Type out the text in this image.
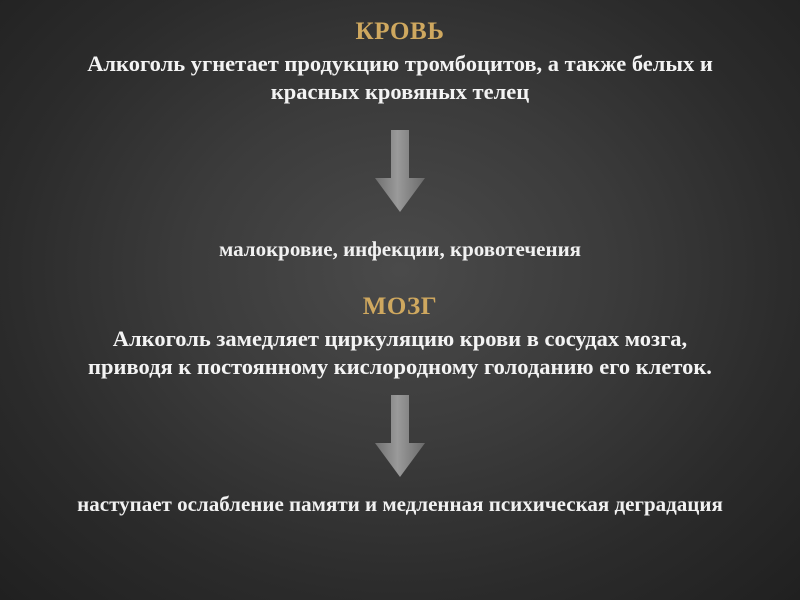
КРОВЬ
Алкоголь угнетает продукцию тромбоцитов, а также белых и красных кровяных телец
малокровие, инфекции, кровотечения
МОЗГ
Алкоголь замедляет циркуляцию крови в сосудах мозга, приводя к постоянному кислородному голоданию его клеток.
наступает ослабление памяти и медленная психическая деградация
